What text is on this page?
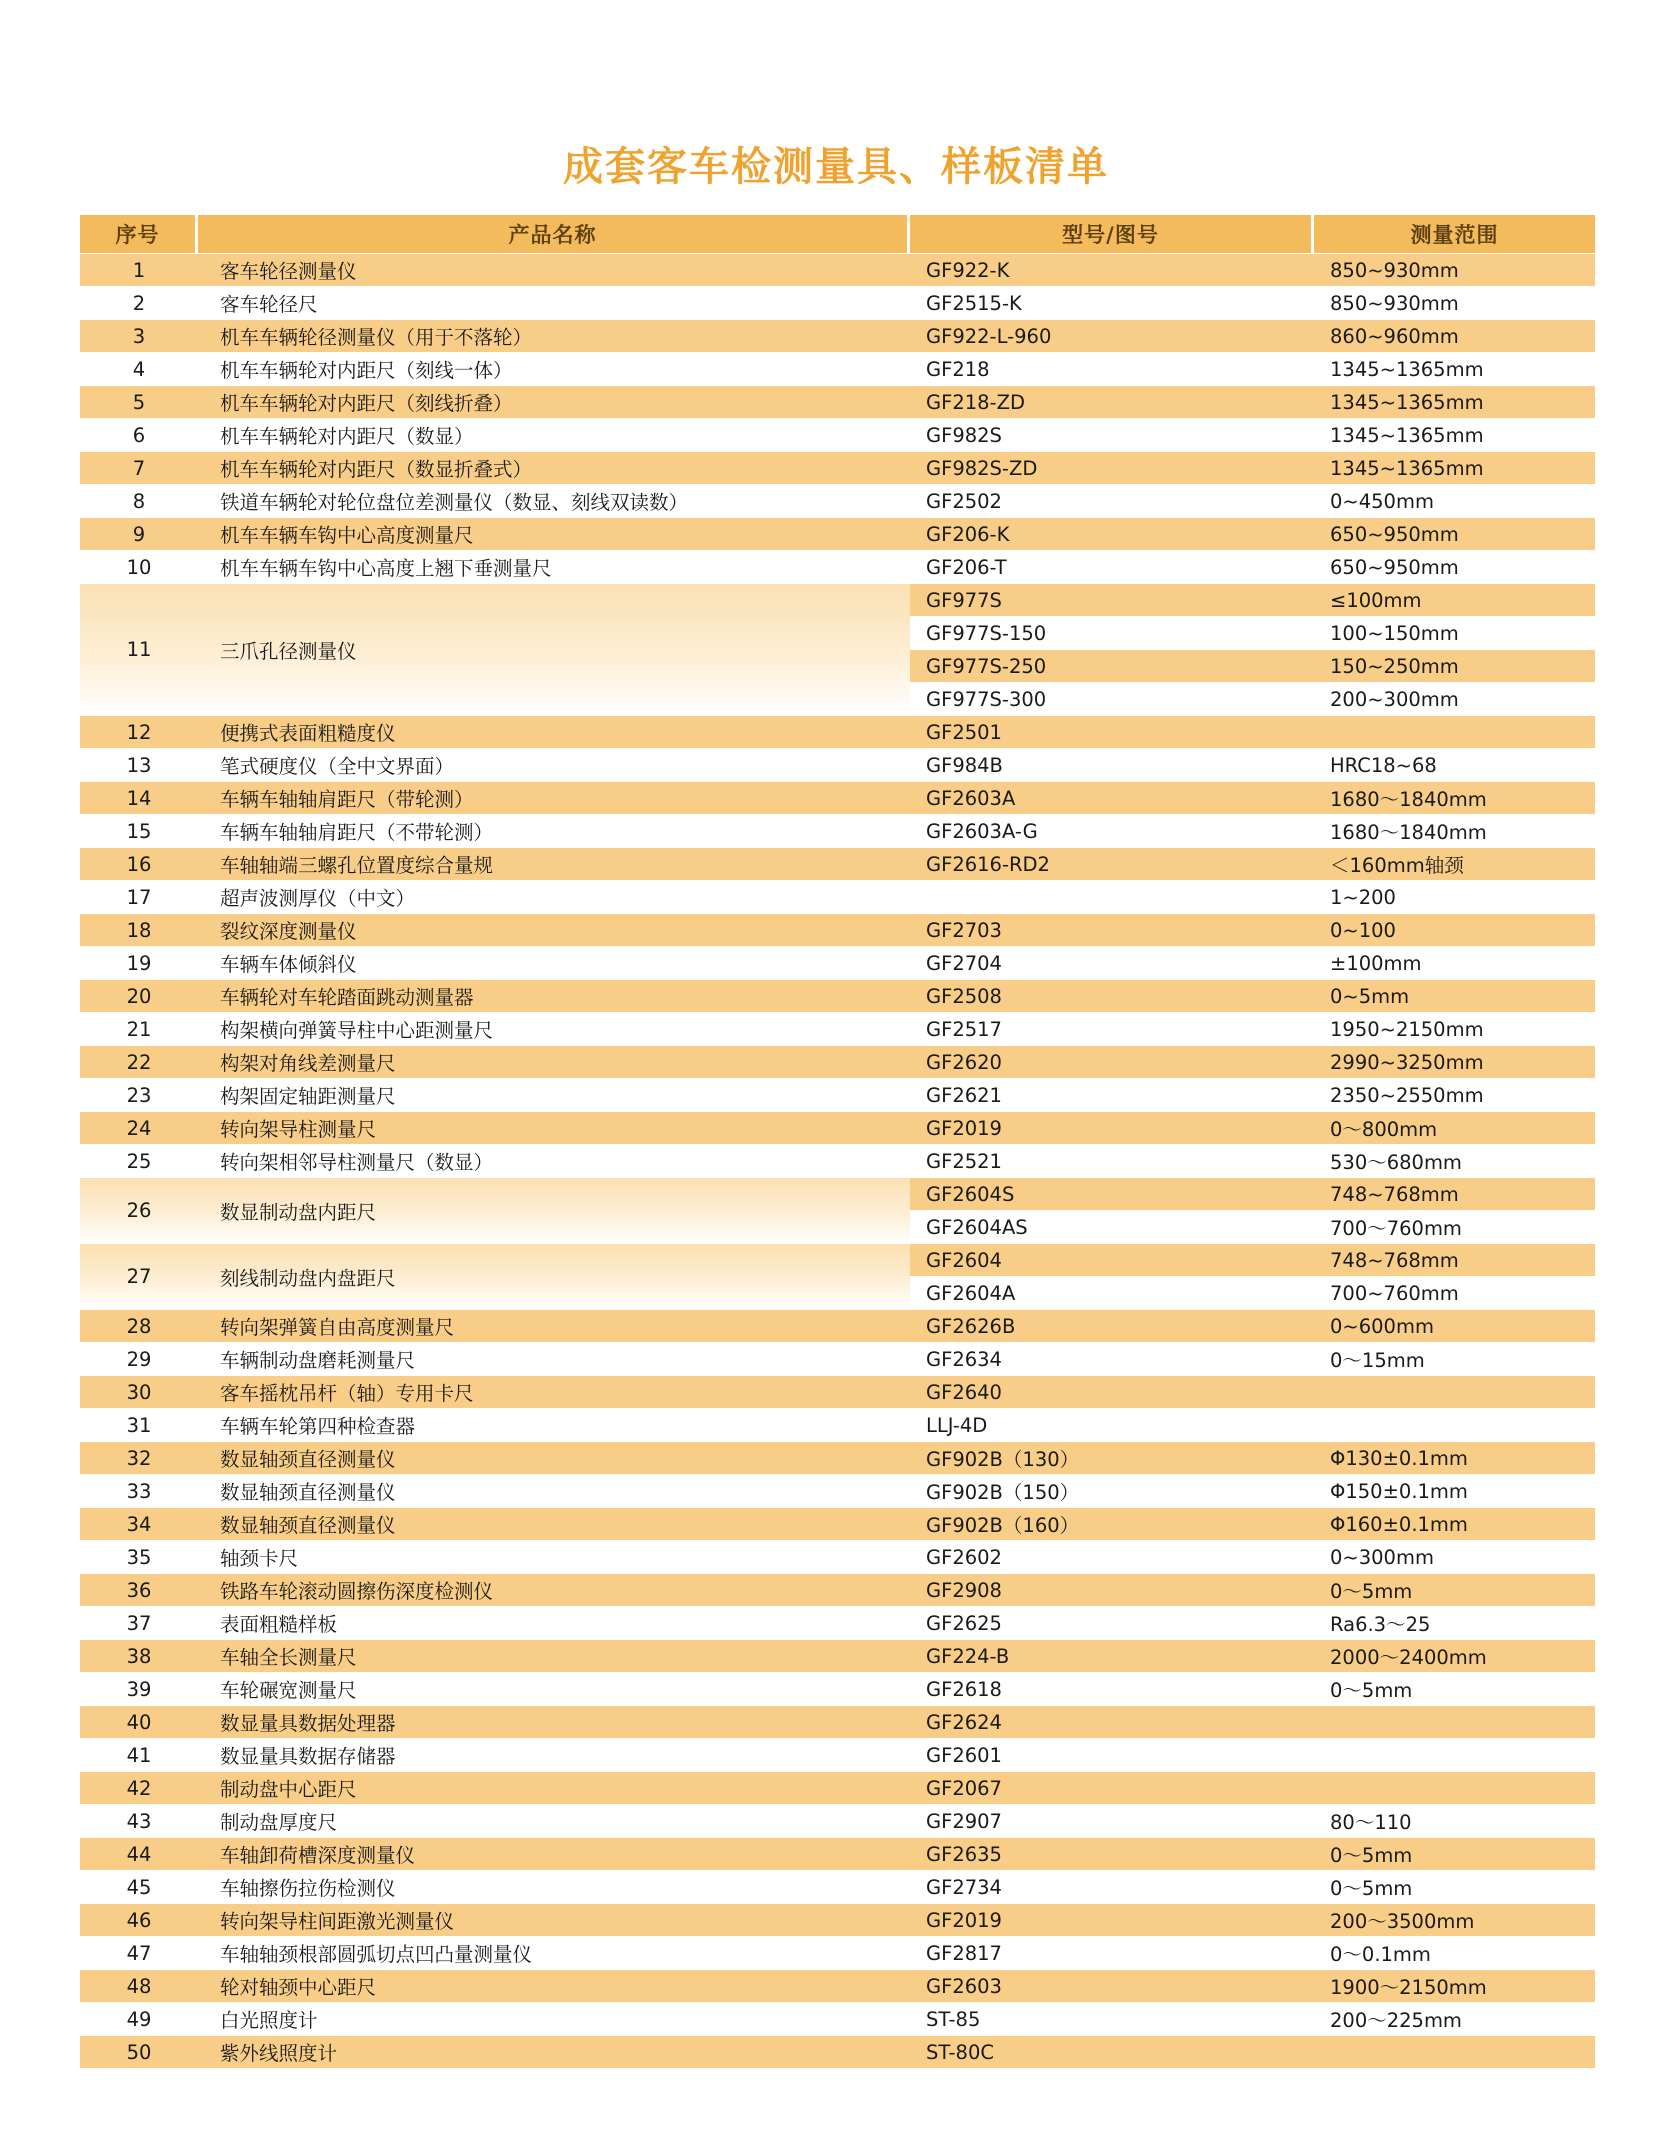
成套客车检测量具、样板清单
序号	产品名称	型号/图号	测量范围
1	客车轮径测量仪	GF922-K	850~930mm
2	客车轮径尺	GF2515-K	850~930mm
3	机车车辆轮径测量仪（用于不落轮）	GF922-L-960	860~960mm
4	机车车辆轮对内距尺（刻线一体）	GF218	1345~1365mm
5	机车车辆轮对内距尺（刻线折叠）	GF218-ZD	1345~1365mm
6	机车车辆轮对内距尺（数显）	GF982S	1345~1365mm
7	机车车辆轮对内距尺（数显折叠式）	GF982S-ZD	1345~1365mm
8	铁道车辆轮对轮位盘位差测量仪（数显、刻线双读数）	GF2502	0~450mm
9	机车车辆车钩中心高度测量尺	GF206-K	650~950mm
10	机车车辆车钩中心高度上翘下垂测量尺	GF206-T	650~950mm
11	三爪孔径测量仪	GF977S	≤100mm
		GF977S-150	100~150mm
		GF977S-250	150~250mm
		GF977S-300	200~300mm
12	便携式表面粗糙度仪	GF2501	
13	笔式硬度仪（全中文界面）	GF984B	HRC18~68
14	车辆车轴轴肩距尺（带轮测）	GF2603A	1680～1840mm
15	车辆车轴轴肩距尺（不带轮测）	GF2603A-G	1680～1840mm
16	车轴轴端三螺孔位置度综合量规	GF2616-RD2	＜160mm轴颈
17	超声波测厚仪（中文）		1~200
18	裂纹深度测量仪	GF2703	0~100
19	车辆车体倾斜仪	GF2704	±100mm
20	车辆轮对车轮踏面跳动测量器	GF2508	0~5mm
21	构架横向弹簧导柱中心距测量尺	GF2517	1950~2150mm
22	构架对角线差测量尺	GF2620	2990~3250mm
23	构架固定轴距测量尺	GF2621	2350~2550mm
24	转向架导柱测量尺	GF2019	0～800mm
25	转向架相邻导柱测量尺（数显）	GF2521	530～680mm
26	数显制动盘内距尺	GF2604S	748~768mm
		GF2604AS	700～760mm
27	刻线制动盘内盘距尺	GF2604	748~768mm
		GF2604A	700~760mm
28	转向架弹簧自由高度测量尺	GF2626B	0~600mm
29	车辆制动盘磨耗测量尺	GF2634	0～15mm
30	客车摇枕吊杆（轴）专用卡尺	GF2640	
31	车辆车轮第四种检查器	LLJ-4D	
32	数显轴颈直径测量仪	GF902B（130）	Φ130±0.1mm
33	数显轴颈直径测量仪	GF902B（150）	Φ150±0.1mm
34	数显轴颈直径测量仪	GF902B（160）	Φ160±0.1mm
35	轴颈卡尺	GF2602	0~300mm
36	铁路车轮滚动圆擦伤深度检测仪	GF2908	0～5mm
37	表面粗糙样板	GF2625	Ra6.3～25
38	车轴全长测量尺	GF224-B	2000～2400mm
39	车轮碾宽测量尺	GF2618	0～5mm
40	数显量具数据处理器	GF2624	
41	数显量具数据存储器	GF2601	
42	制动盘中心距尺	GF2067	
43	制动盘厚度尺	GF2907	80～110
44	车轴卸荷槽深度测量仪	GF2635	0～5mm
45	车轴擦伤拉伤检测仪	GF2734	0～5mm
46	转向架导柱间距激光测量仪	GF2019	200～3500mm
47	车轴轴颈根部圆弧切点凹凸量测量仪	GF2817	0～0.1mm
48	轮对轴颈中心距尺	GF2603	1900～2150mm
49	白光照度计	ST-85	200～225mm
50	紫外线照度计	ST-80C	
